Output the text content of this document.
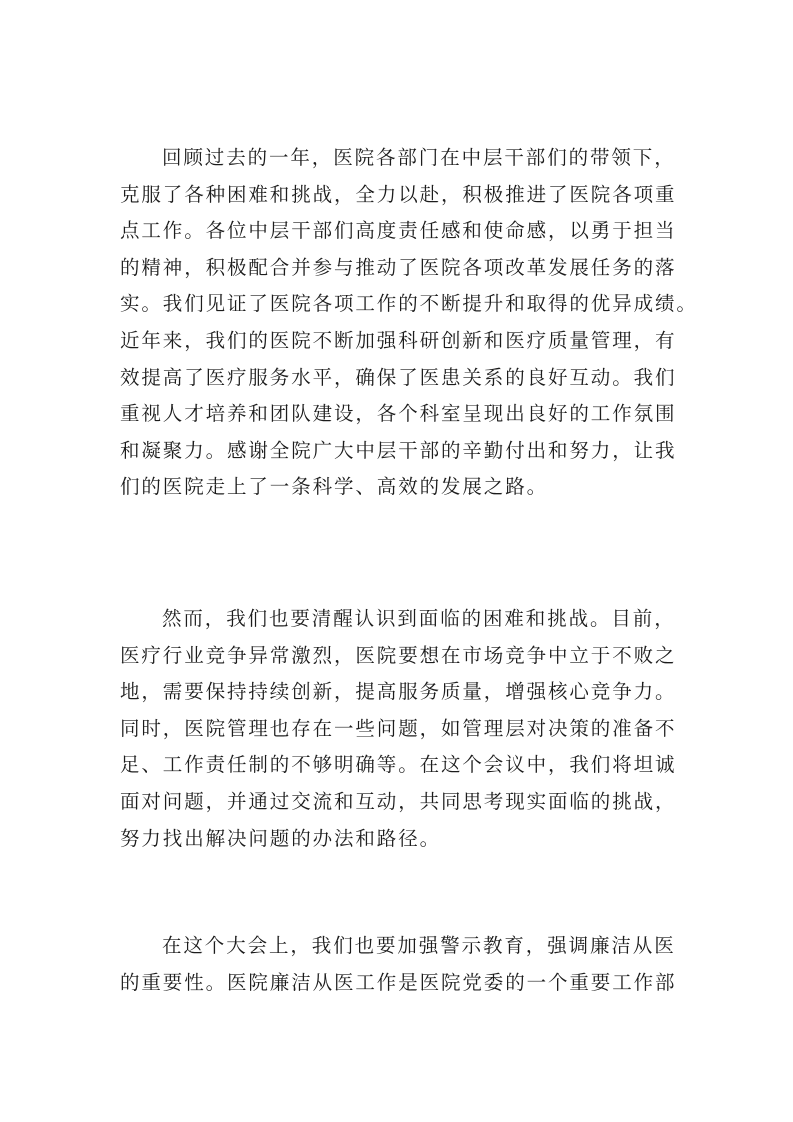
回顾过去的一年，医院各部门在中层干部们的带领下，
克服了各种困难和挑战，全力以赴，积极推进了医院各项重
点工作。各位中层干部们高度责任感和使命感，以勇于担当
的精神，积极配合并参与推动了医院各项改革发展任务的落
实。我们见证了医院各项工作的不断提升和取得的优异成绩。
近年来，我们的医院不断加强科研创新和医疗质量管理，有
效提高了医疗服务水平，确保了医患关系的良好互动。我们
重视人才培养和团队建设，各个科室呈现出良好的工作氛围
和凝聚力。感谢全院广大中层干部的辛勤付出和努力，让我
们的医院走上了一条科学、高效的发展之路。
然而，我们也要清醒认识到面临的困难和挑战。目前，
医疗行业竞争异常激烈，医院要想在市场竞争中立于不败之
地，需要保持持续创新，提高服务质量，增强核心竞争力。
同时，医院管理也存在一些问题，如管理层对决策的准备不
足、工作责任制的不够明确等。在这个会议中，我们将坦诚
面对问题，并通过交流和互动，共同思考现实面临的挑战，
努力找出解决问题的办法和路径。
在这个大会上，我们也要加强警示教育，强调廉洁从医
的重要性。医院廉洁从医工作是医院党委的一个重要工作部
